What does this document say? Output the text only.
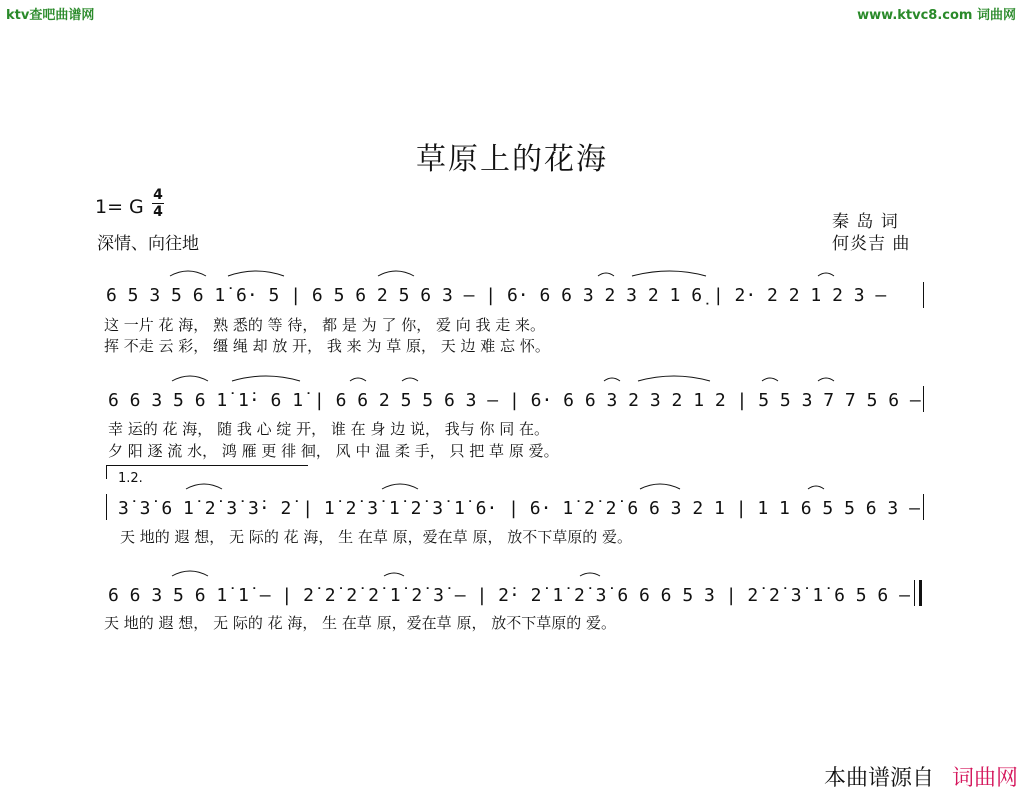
ktv查吧曲谱网	www.ktvc8.com 词曲网
草原上的花海
1= G
4
4
深情、向往地
秦 岛 词
何炎吉 曲
6 5 3 5 6 1̇ 6· 5 | 6 5 6 2 5 6 3 — | 6· 6 6 3 2 3 2 1 6̣ | 2· 2 2 1 2 3 —
这 一片 花 海， 熟 悉的 等 待， 都 是 为 了 你， 爱 向 我 走 来。
挥 不走 云 彩， 缰 绳 却 放 开， 我 来 为 草 原， 天 边 难 忘 怀。
6 6 3 5 6 1̇ 1̇· 6 1̇ | 6 6 2 5 5 6 3 — | 6· 6 6 3 2 3 2 1 2 | 5 5 3 7 7 5 6 —
幸 运的 花 海， 随 我 心 绽 开， 谁 在 身 边 说， 我与 你 同 在。
夕 阳 逐 流 水， 鸿 雁 更 徘 徊， 风 中 温 柔 手， 只 把 草 原 爱。
1.2.
3̇ 3̇ 6 1̇ 2̇ 3̇ 3̇· 2̇ | 1̇ 2̇ 3̇ 1̇ 2̇ 3̇ 1̇ 6· | 6· 1̇ 2̇ 2̇ 6 6 3 2 1 | 1 1 6 5 5 6 3 —
天 地的 遐 想， 无 际的 花 海， 生 在草 原，爱在草 原， 放不下草原的 爱。
6 6 3 5 6 1̇ 1̇ — | 2̇ 2̇ 2̇ 2̇ 1̇ 2̇ 3̇ — | 2̇· 2̇ 1̇ 2̇ 3̇ 6 6 6 5 3 | 2̇ 2̇ 3̇ 1̇ 6 5 6 —
天 地的 遐 想， 无 际的 花 海， 生 在草 原，爱在草 原， 放不下草原的 爱。
本曲谱源自 词曲网
